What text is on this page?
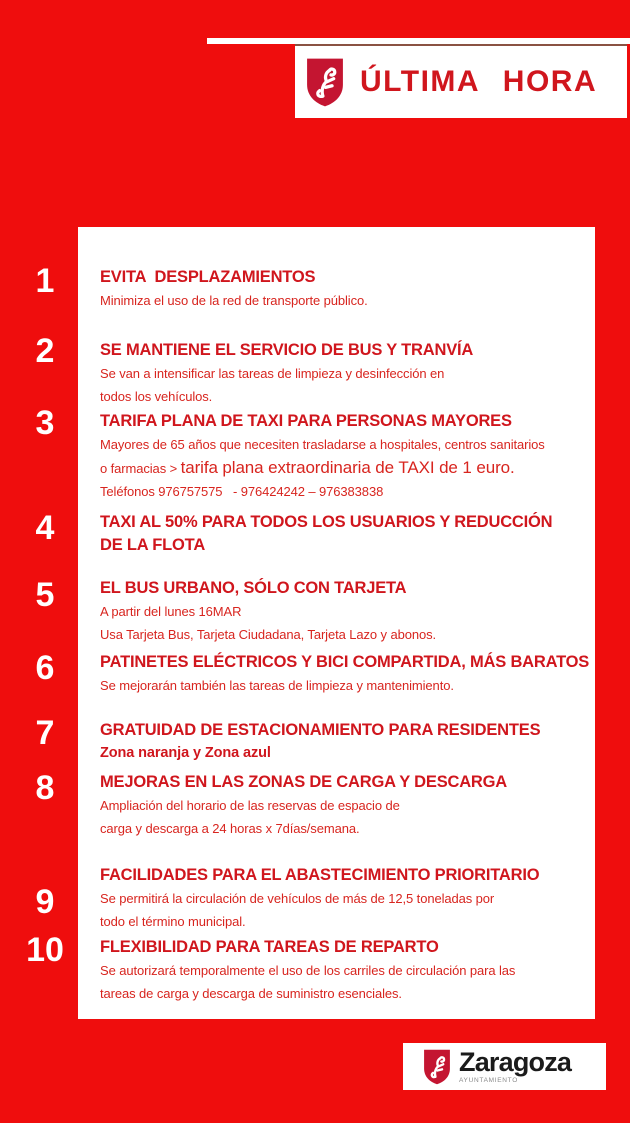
ÚLTIMA HORA
1
2
3
4
5
6
7
8
9
10
EVITA  DESPLAZAMIENTOS
Minimiza el uso de la red de transporte público.
SE MANTIENE EL SERVICIO DE BUS Y TRANVÍA
Se van a intensificar las tareas de limpieza y desinfección en
todos los vehículos.
TARIFA PLANA DE TAXI PARA PERSONAS MAYORES
Mayores de 65 años que necesiten trasladarse a hospitales, centros sanitarios
o farmacias > tarifa plana extraordinaria de TAXI de 1 euro.
Teléfonos 976757575   - 976424242 – 976383838
TAXI AL 50% PARA TODOS LOS USUARIOS Y REDUCCIÓN
DE LA FLOTA
EL BUS URBANO, SÓLO CON TARJETA
A partir del lunes 16MAR
Usa Tarjeta Bus, Tarjeta Ciudadana, Tarjeta Lazo y abonos.
PATINETES ELÉCTRICOS Y BICI COMPARTIDA, MÁS BARATOS
Se mejorarán también las tareas de limpieza y mantenimiento.
GRATUIDAD DE ESTACIONAMIENTO PARA RESIDENTES
Zona naranja y Zona azul
MEJORAS EN LAS ZONAS DE CARGA Y DESCARGA
Ampliación del horario de las reservas de espacio de
carga y descarga a 24 horas x 7días/semana.
FACILIDADES PARA EL ABASTECIMIENTO PRIORITARIO
Se permitirá la circulación de vehículos de más de 12,5 toneladas por
todo el término municipal.
FLEXIBILIDAD PARA TAREAS DE REPARTO
Se autorizará temporalmente el uso de los carriles de circulación para las
tareas de carga y descarga de suministro esenciales.
Zaragoza
AYUNTAMIENTO
